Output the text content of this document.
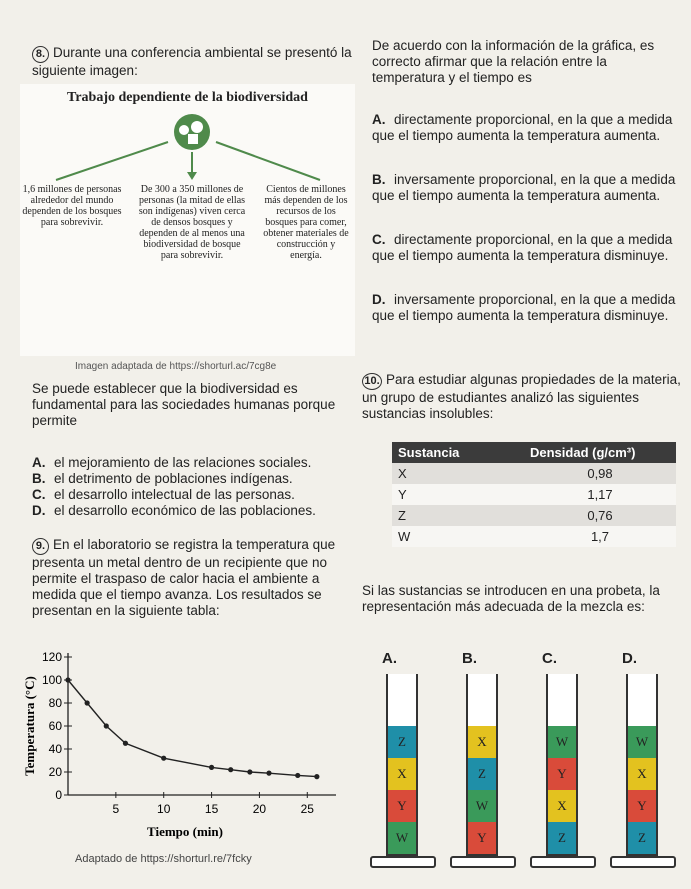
8. Durante una conferencia ambiental se presentó la siguiente imagen:
Trabajo dependiente de la biodiversidad
1,6 millones de personas alrededor del mundo dependen de los bosques para sobrevivir.
De 300 a 350 millones de personas (la mitad de ellas son indígenas) viven cerca de densos bosques y dependen de al menos una biodiversidad de bosque para sobrevivir.
Cientos de millones más dependen de los recursos de los bosques para comer, obtener materiales de construcción y energía.
Imagen adaptada de https://shorturl.ac/7cg8e
Se puede establecer que la biodiversidad es fundamental para las sociedades humanas porque permite
A. el mejoramiento de las relaciones sociales.
B. el detrimento de poblaciones indígenas.
C. el desarrollo intelectual de las personas.
D. el desarrollo económico de las poblaciones.
9. En el laboratorio se registra la temperatura que presenta un metal dentro de un recipiente que no permite el traspaso de calor hacia el ambiente a medida que el tiempo avanza. Los resultados se presentan en la siguiente tabla:
0
20
40
60
80
100
120
5	10	15	20	25
Tiempo (min)
Temperatura (°C)
Adaptado de https://shorturl.re/7fcky
De acuerdo con la información de la gráfica, es correcto afirmar que la relación entre la temperatura y el tiempo es
A. directamente proporcional, en la que a medida que el tiempo aumenta la temperatura aumenta.
B. inversamente proporcional, en la que a medida que el tiempo aumenta la temperatura aumenta.
C. directamente proporcional, en la que a medida que el tiempo aumenta la temperatura disminuye.
D. inversamente proporcional, en la que a medida que el tiempo aumenta la temperatura disminuye.
10. Para estudiar algunas propiedades de la materia, un grupo de estudiantes analizó las siguientes sustancias insolubles:
Sustancia	Densidad (g/cm³)
X	0,98
Y	1,17
Z	0,76
W	1,7
Si las sustancias se introducen en una probeta, la representación más adecuada de la mezcla es:
A.
Z
X
Y
W
B.
X
Z
W
Y
C.
W
Y
X
Z
D.
W
X
Y
Z
